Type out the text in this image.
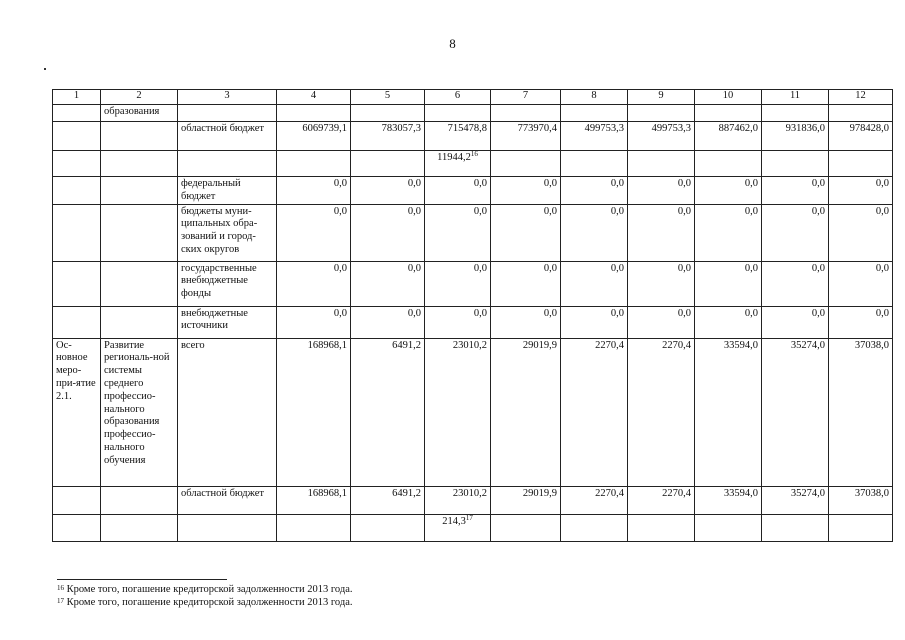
8
1	2	3	4	5	6	7	8	9	10	11	12
	образования										
		областной бюджет	6069739,1	783057,3	715478,8	773970,4	499753,3	499753,3	887462,0	931836,0	978428,0
					11944,2$^{16}$						
		федеральный бюджет	0,0	0,0	0,0	0,0	0,0	0,0	0,0	0,0	0,0
		бюджеты муни-ципальных обра-зований и город-ских округов	0,0	0,0	0,0	0,0	0,0	0,0	0,0	0,0	0,0
		государственные внебюджетные фонды	0,0	0,0	0,0	0,0	0,0	0,0	0,0	0,0	0,0
		внебюджетные источники	0,0	0,0	0,0	0,0	0,0	0,0	0,0	0,0	0,0
Ос-новное меро-при-ятие 2.1.	Развитие региональ-ной системы среднего профессио-нального образования профессио-нального обучения	всего	168968,1	6491,2	23010,2	29019,9	2270,4	2270,4	33594,0	35274,0	37038,0
		областной бюджет	168968,1	6491,2	23010,2	29019,9	2270,4	2270,4	33594,0	35274,0	37038,0
					214,3$^{17}$						
$^{16}$ Кроме того, погашение кредиторской задолженности 2013 года.
$^{17}$ Кроме того, погашение кредиторской задолженности 2013 года.
